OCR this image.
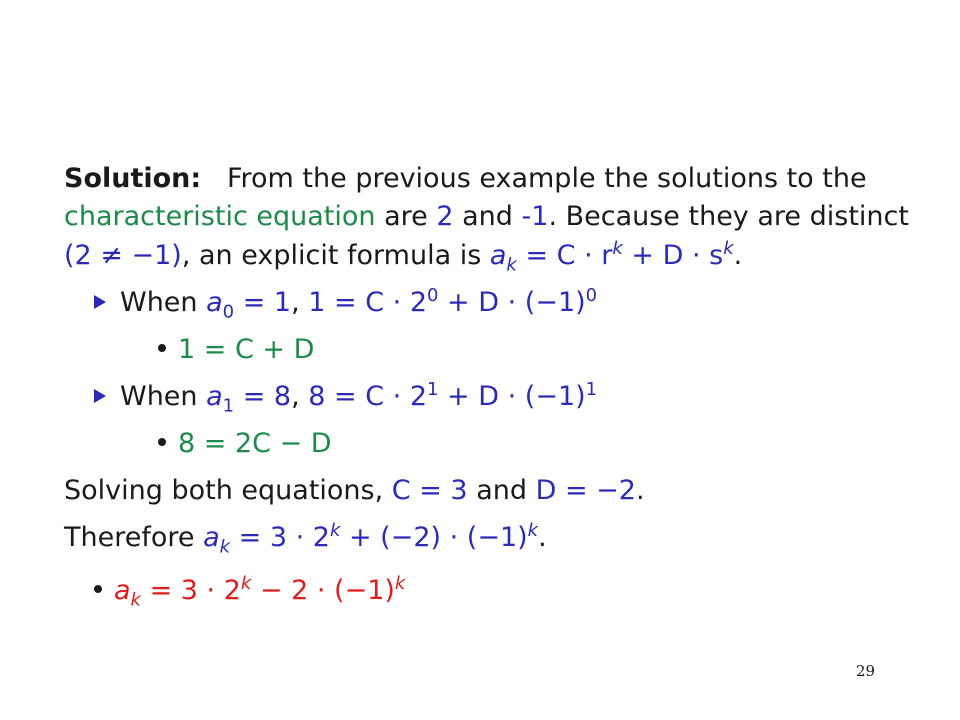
Solution: From the previous example the solutions to the
characteristic equation are 2 and -1. Because they are distinct
(2 ≠ −1), an explicit formula is $a_k = C \cdot r^k + D \cdot s^k$.
When $a_0 = 1$, $1 = C \cdot 2^0 + D \cdot (-1)^0$
1 = C + D
When $a_1 = 8$, $8 = C \cdot 2^1 + D \cdot (-1)^1$
8 = 2C − D
Solving both equations, C = 3 and D = −2.
Therefore $a_k = 3 \cdot 2^k + (-2) \cdot (-1)^k$.
$a_k = 3 \cdot 2^k - 2 \cdot (-1)^k$
29
